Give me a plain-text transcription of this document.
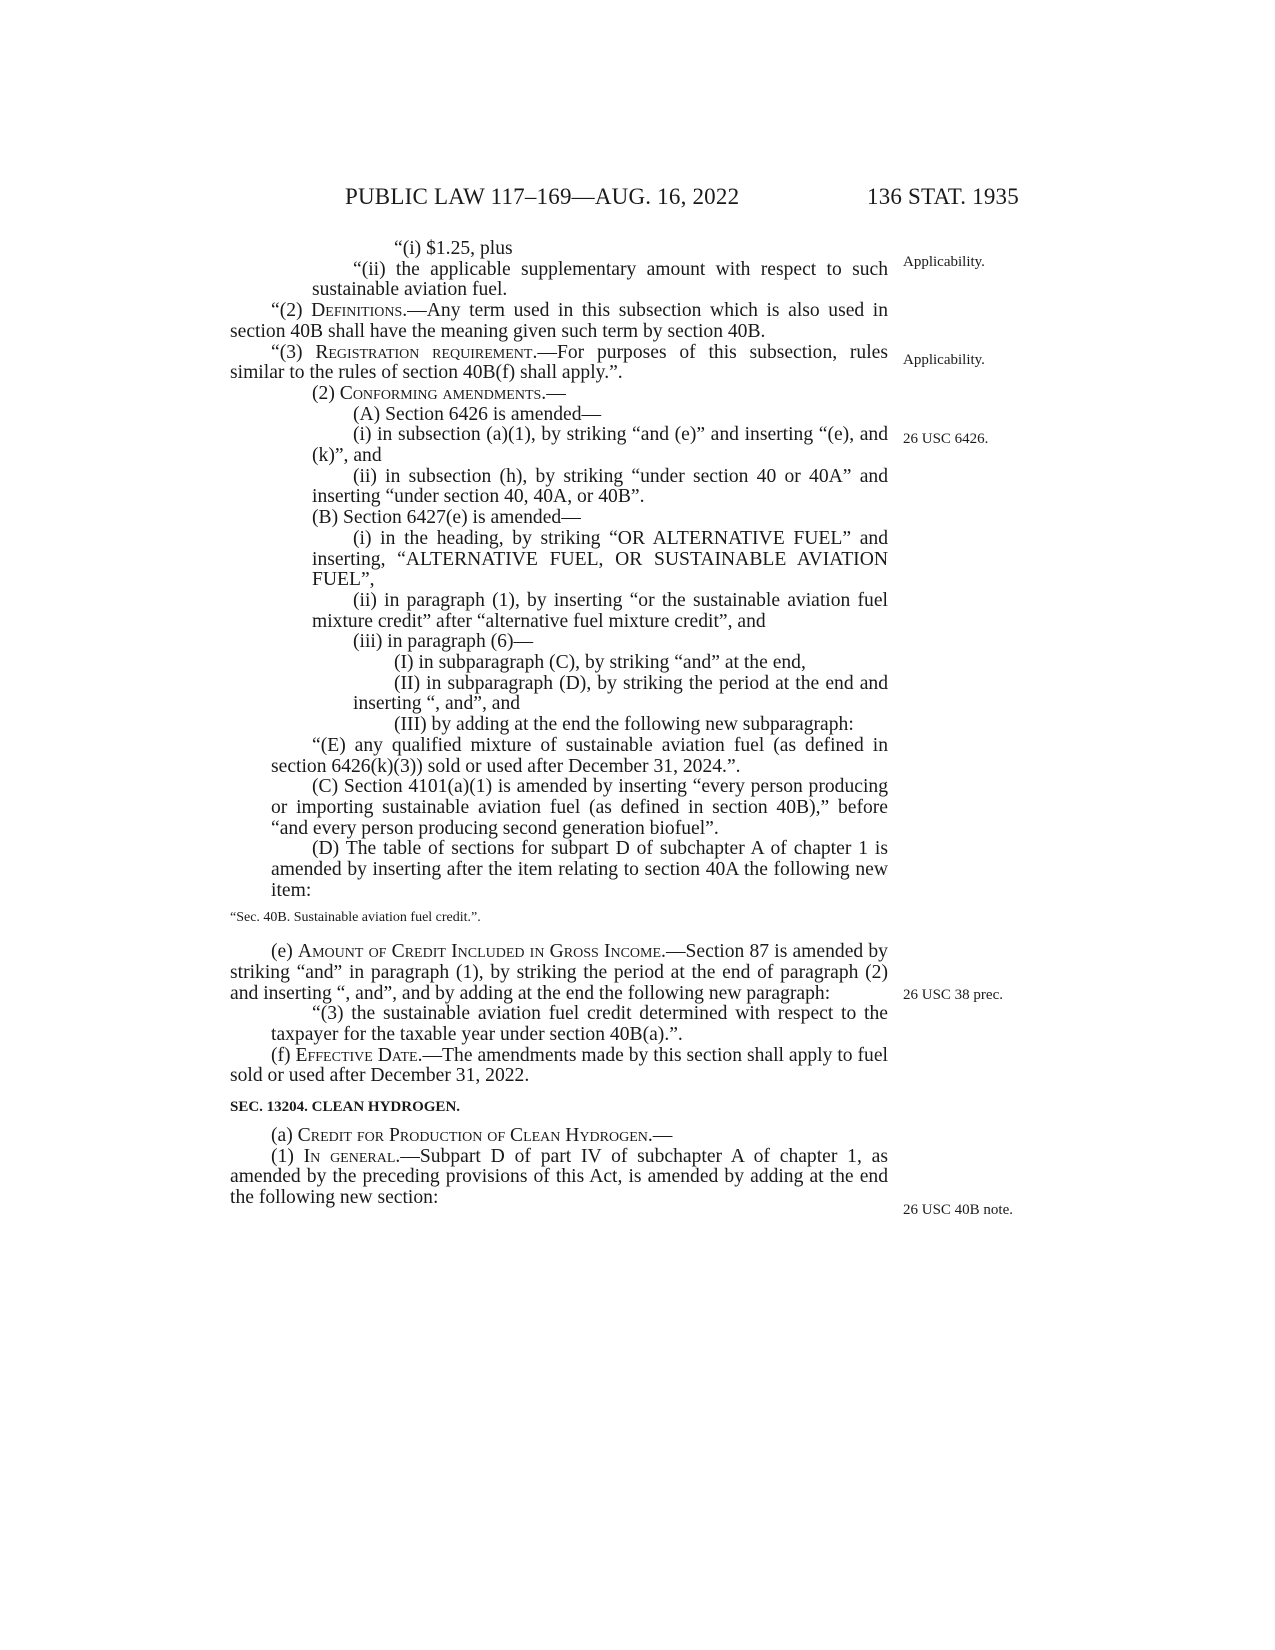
PUBLIC LAW 117–169—AUG. 16, 2022	136 STAT. 1935

“(i) $1.25, plus

“(ii) the applicable supplementary amount with respect to such sustainable aviation fuel.

“(2) Definitions.—Any term used in this subsection which is also used in section 40B shall have the meaning given such term by section 40B.

“(3) Registration requirement.—For purposes of this subsection, rules similar to the rules of section 40B(f) shall apply.”.

(2) Conforming amendments.—

(A) Section 6426 is amended—

(i) in subsection (a)(1), by striking “and (e)” and inserting “(e), and (k)”, and

(ii) in subsection (h), by striking “under section 40 or 40A” and inserting “under section 40, 40A, or 40B”.

(B) Section 6427(e) is amended—

(i) in the heading, by striking “OR ALTERNATIVE FUEL” and inserting, “ALTERNATIVE FUEL, OR SUSTAINABLE AVIATION FUEL”,

(ii) in paragraph (1), by inserting “or the sustainable aviation fuel mixture credit” after “alternative fuel mixture credit”, and

(iii) in paragraph (6)—

(I) in subparagraph (C), by striking “and” at the end,

(II) in subparagraph (D), by striking the period at the end and inserting “, and”, and

(III) by adding at the end the following new subparagraph:

“(E) any qualified mixture of sustainable aviation fuel (as defined in section 6426(k)(3)) sold or used after December 31, 2024.”.

(C) Section 4101(a)(1) is amended by inserting “every person producing or importing sustainable aviation fuel (as defined in section 40B),” before “and every person producing second generation biofuel”.

(D) The table of sections for subpart D of subchapter A of chapter 1 is amended by inserting after the item relating to section 40A the following new item:

“Sec. 40B. Sustainable aviation fuel credit.”.

(e) Amount of Credit Included in Gross Income.—Section 87 is amended by striking “and” in paragraph (1), by striking the period at the end of paragraph (2) and inserting “, and”, and by adding at the end the following new paragraph:

“(3) the sustainable aviation fuel credit determined with respect to the taxpayer for the taxable year under section 40B(a).”.

(f) Effective Date.—The amendments made by this section shall apply to fuel sold or used after December 31, 2022.

SEC. 13204. CLEAN HYDROGEN.

(a) Credit for Production of Clean Hydrogen.—

(1) In general.—Subpart D of part IV of subchapter A of chapter 1, as amended by the preceding provisions of this Act, is amended by adding at the end the following new section:

Applicability.
Applicability.
26 USC 6426.
26 USC 38 prec.
26 USC 40B note.
